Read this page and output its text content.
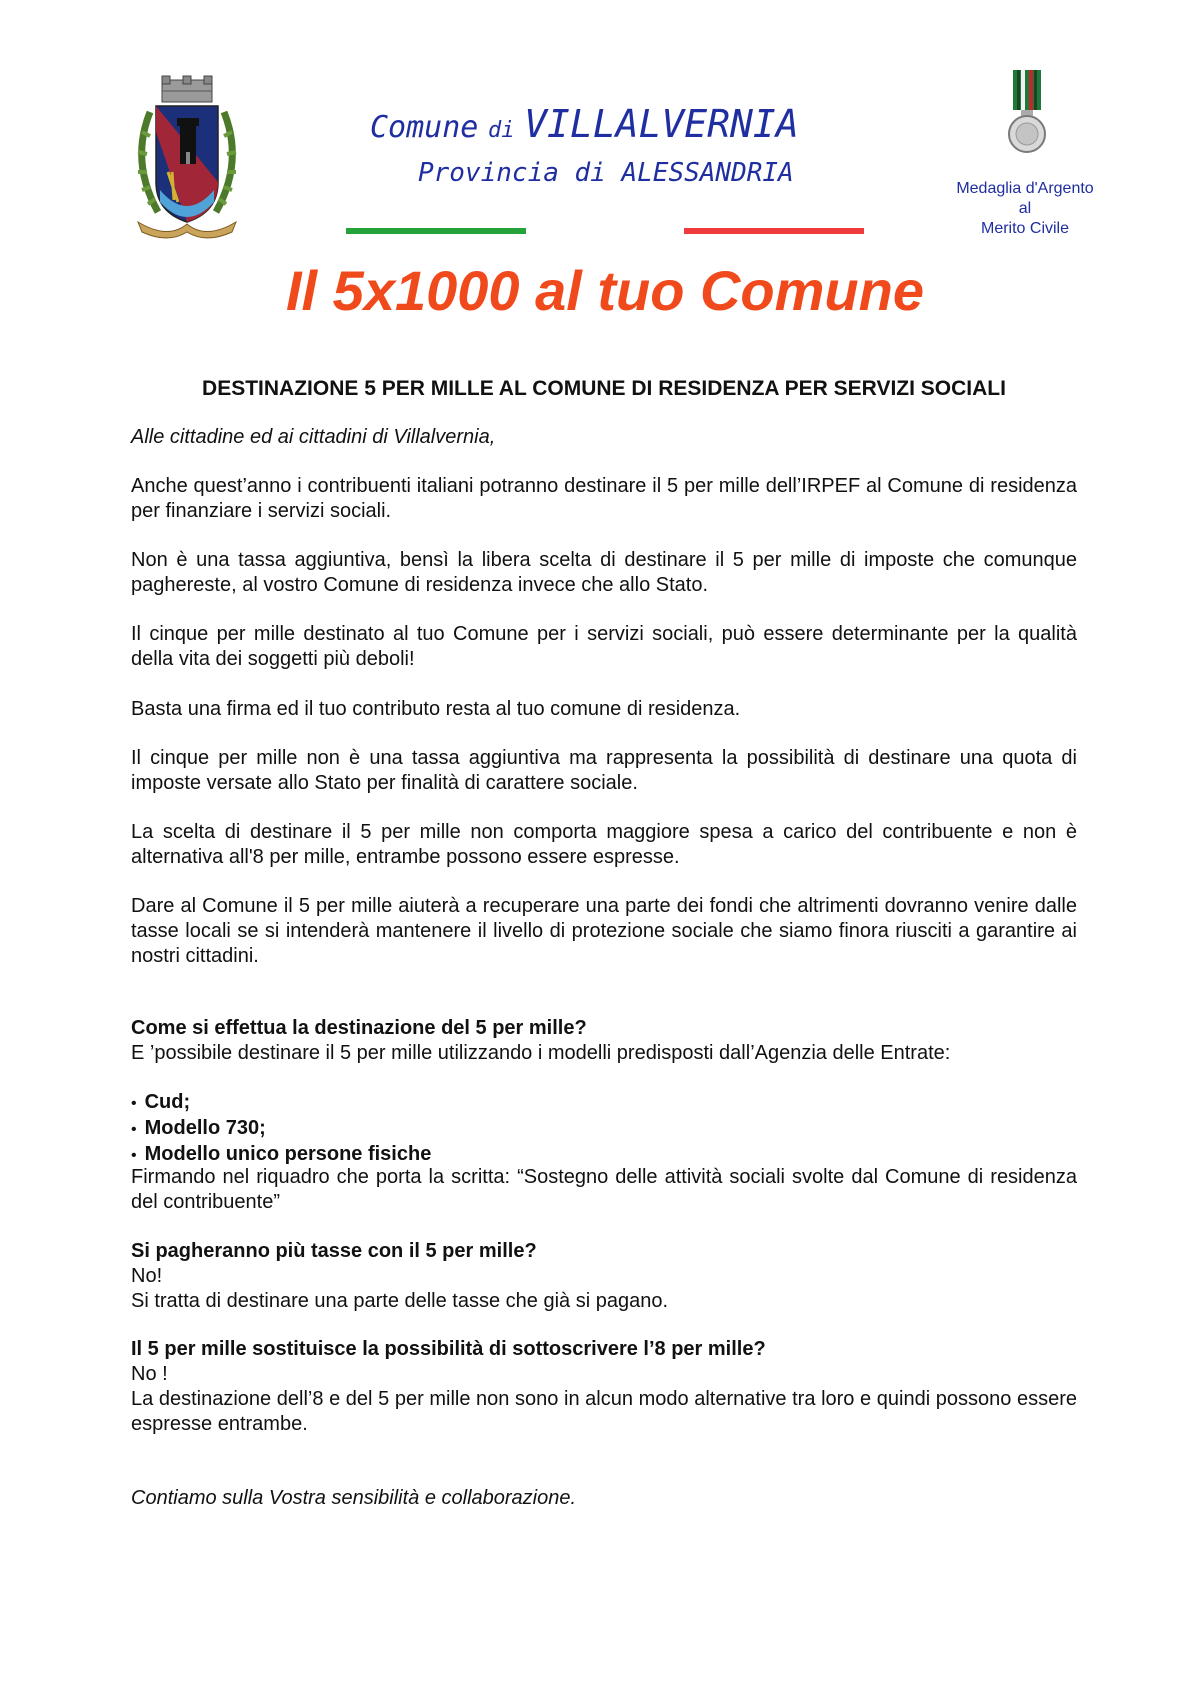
Medaglia d'Argento
al
Merito Civile
Comune di VILLALVERNIA
Provincia di ALESSANDRIA
Il 5x1000 al tuo Comune
DESTINAZIONE 5 PER MILLE AL COMUNE DI RESIDENZA PER SERVIZI SOCIALI

Alle cittadine ed ai cittadini di Villalvernia,

Anche quest’anno i contribuenti italiani potranno destinare il 5 per mille dell’IRPEF al Comune di residenza per finanziare i servizi sociali.

Non è una tassa aggiuntiva, bensì la libera scelta di destinare il 5 per mille di imposte che comunque paghereste, al vostro Comune di residenza invece che allo Stato.

Il cinque per mille destinato al tuo Comune per i servizi sociali, può essere determinante per la qualità della vita dei soggetti più deboli!

Basta una firma ed il tuo contributo resta al tuo comune di residenza.

Il cinque per mille non è una tassa aggiuntiva ma rappresenta la possibilità di destinare una quota di imposte versate allo Stato per finalità di carattere sociale.

La scelta di destinare il 5 per mille non comporta maggiore spesa a carico del contribuente e non è alternativa all'8 per mille, entrambe possono essere espresse.

Dare al Comune il 5 per mille aiuterà a recuperare una parte dei fondi che altrimenti dovranno venire dalle tasse locali se si intenderà mantenere il livello di protezione sociale che siamo finora riusciti a garantire ai nostri cittadini.

Come si effettua la destinazione del 5 per mille?

E ’possibile destinare il 5 per mille utilizzando i modelli predisposti dall’Agenzia delle Entrate:

• Cud;
• Modello 730;
• Modello unico persone fisiche

Firmando nel riquadro che porta la scritta: “Sostegno delle attività sociali svolte dal Comune di residenza del contribuente”

Si pagheranno più tasse con il 5 per mille?

No!

Si tratta di destinare una parte delle tasse che già si pagano.

Il 5 per mille sostituisce la possibilità di sottoscrivere l’8 per mille?

No !

La destinazione dell’8 e del 5 per mille non sono in alcun modo alternative tra loro e quindi possono essere espresse entrambe.

Contiamo sulla Vostra sensibilità e collaborazione.
